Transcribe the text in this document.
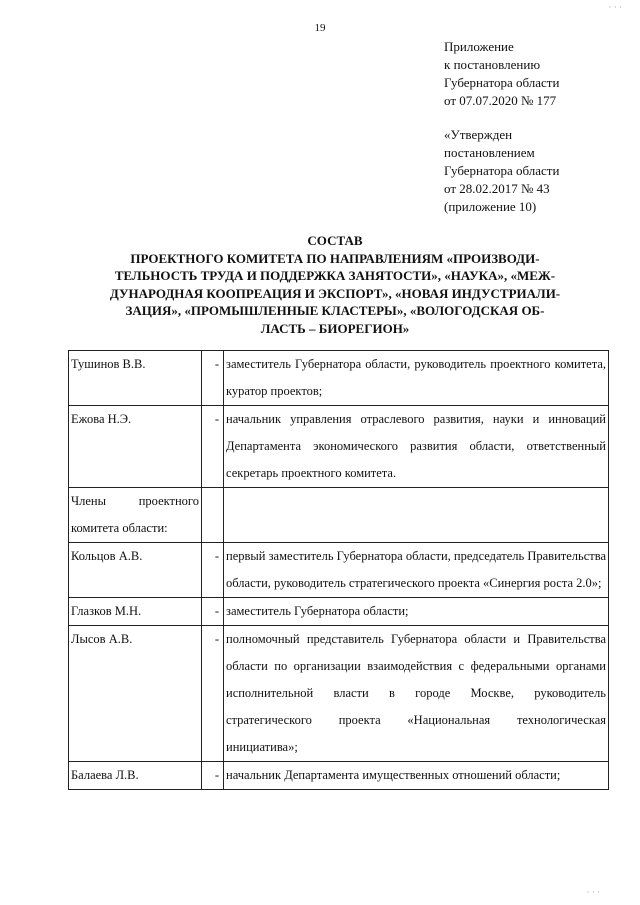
· · ·
19
Приложение
к постановлению
Губернатора области
от 07.07.2020 № 177
«Утвержден
постановлением
Губернатора области
от 28.02.2017 № 43
(приложение 10)
СОСТАВ
ПРОЕКТНОГО КОМИТЕТА ПО НАПРАВЛЕНИЯМ «ПРОИЗВОДИ-
ТЕЛЬНОСТЬ ТРУДА И ПОДДЕРЖКА ЗАНЯТОСТИ», «НАУКА», «МЕЖ-
ДУНАРОДНАЯ КООПРЕАЦИЯ И ЭКСПОРТ», «НОВАЯ ИНДУСТРИАЛИ-
ЗАЦИЯ», «ПРОМЫШЛЕННЫЕ КЛАСТЕРЫ», «ВОЛОГОДСКАЯ ОБ-
ЛАСТЬ – БИОРЕГИОН»
Тушинов В.В.	-	заместитель Губернатора области, руководитель проектного комитета, куратор проектов;
Ежова Н.Э.	-	начальник управления отраслевого развития, науки и инноваций Департамента экономического развития области, ответственный секретарь проектного комитета.
Члены проектного комитета области:		
Кольцов А.В.	-	первый заместитель Губернатора области, председатель Правительства области, руководитель стратегического проекта «Синергия роста 2.0»;
Глазков М.Н.	-	заместитель Губернатора области;
Лысов А.В.	-	полномочный представитель Губернатора области и Правительства области по организации взаимодействия с федеральными органами исполнительной власти в городе Москве, руководитель стратегического проекта «Национальная технологическая инициатива»;
Балаева Л.В.	-	начальник Департамента имущественных отношений области;
· · ·
